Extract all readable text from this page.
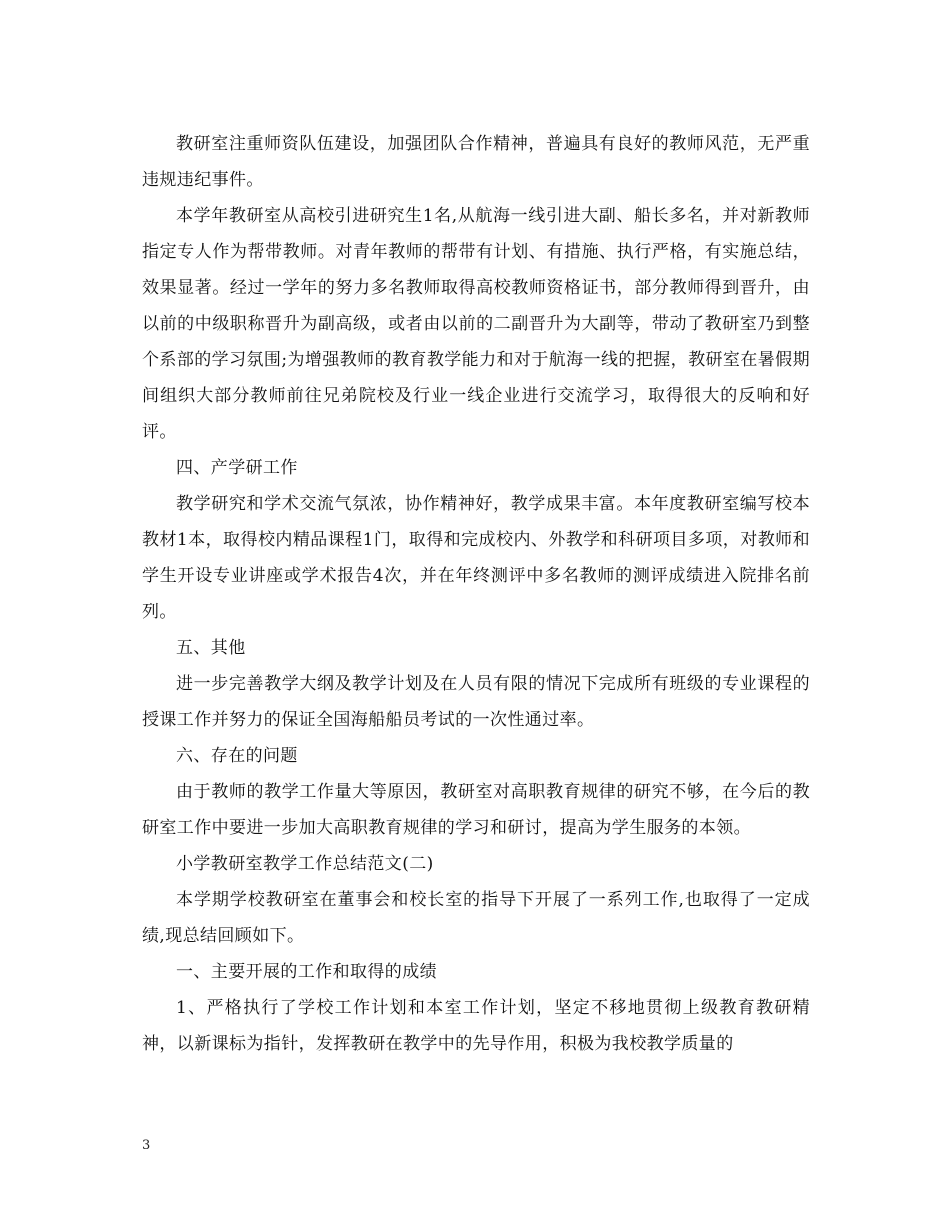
教研室注重师资队伍建设，加强团队合作精神，普遍具有良好的教师风范，无严重违规违纪事件。

本学年教研室从高校引进研究生1名,从航海一线引进大副、船长多名，并对新教师指定专人作为帮带教师。对青年教师的帮带有计划、有措施、执行严格，有实施总结，效果显著。经过一学年的努力多名教师取得高校教师资格证书，部分教师得到晋升，由以前的中级职称晋升为副高级，或者由以前的二副晋升为大副等，带动了教研室乃到整个系部的学习氛围;为增强教师的教育教学能力和对于航海一线的把握，教研室在暑假期间组织大部分教师前往兄弟院校及行业一线企业进行交流学习，取得很大的反响和好评。

四、产学研工作

教学研究和学术交流气氛浓，协作精神好，教学成果丰富。本年度教研室编写校本教材1本，取得校内精品课程1门，取得和完成校内、外教学和科研项目多项，对教师和学生开设专业讲座或学术报告4次，并在年终测评中多名教师的测评成绩进入院排名前列。

五、其他

进一步完善教学大纲及教学计划及在人员有限的情况下完成所有班级的专业课程的授课工作并努力的保证全国海船船员考试的一次性通过率。

六、存在的问题

由于教师的教学工作量大等原因，教研室对高职教育规律的研究不够，在今后的教研室工作中要进一步加大高职教育规律的学习和研讨，提高为学生服务的本领。

小学教研室教学工作总结范文(二)

本学期学校教研室在董事会和校长室的指导下开展了一系列工作,也取得了一定成绩,现总结回顾如下。

一、主要开展的工作和取得的成绩

1、严格执行了学校工作计划和本室工作计划，坚定不移地贯彻上级教育教研精神，以新课标为指针，发挥教研在教学中的先导作用，积极为我校教学质量的

3
